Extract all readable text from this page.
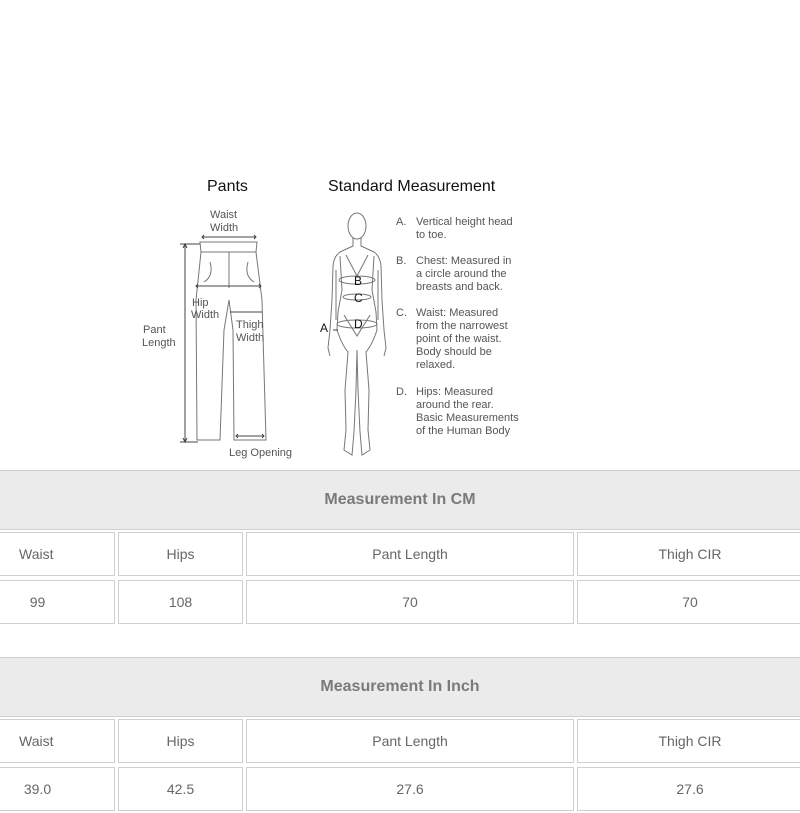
Pants	Standard Measurement
Waist
Width
Hip
Width
Thigh
Width
Pant
Length
Leg Opening
B
C
D
A
A. Vertical height head
to toe.
B. Chest: Measured in
a circle around the
breasts and back.
C. Waist: Measured
from the narrowest
point of the waist.
Body should be
relaxed.
D. Hips: Measured
around the rear.
Basic Measurements
of the Human Body
Measurement In CM
Waist	Hips	Pant Length	Thigh CIR
99	108	70	70
Measurement In Inch
Waist	Hips	Pant Length	Thigh CIR
39.0	42.5	27.6	27.6
